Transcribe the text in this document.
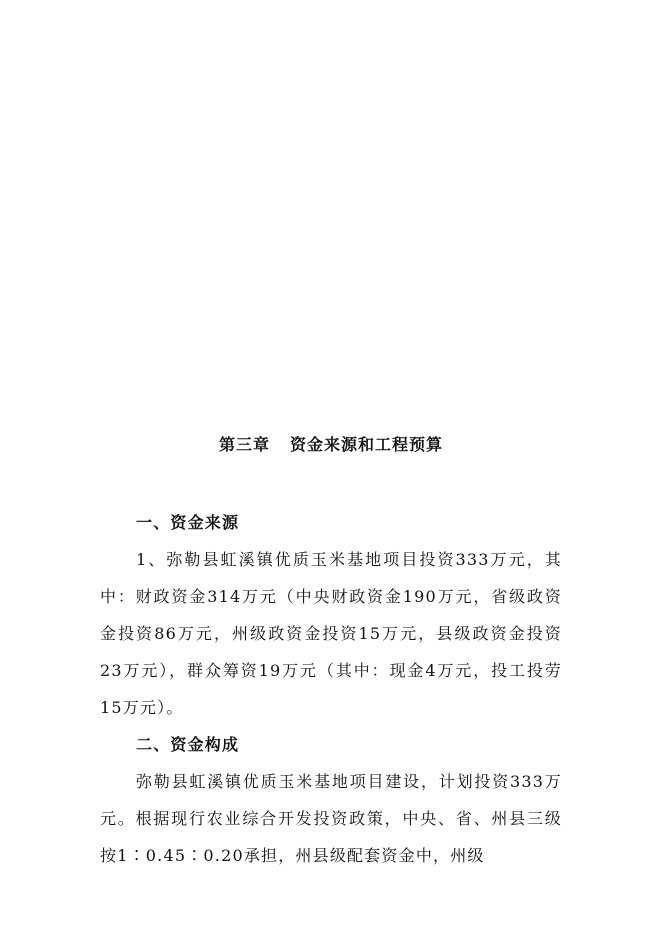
第三章 资金来源和工程预算

一、资金来源

1、弥勒县虹溪镇优质玉米基地项目投资333万元，其中：财政资金314万元（中央财政资金190万元，省级政资金投资86万元，州级政资金投资15万元，县级政资金投资23万元），群众筹资19万元（其中：现金4万元，投工投劳15万元）。

二、资金构成

弥勒县虹溪镇优质玉米基地项目建设，计划投资333万元。根据现行农业综合开发投资政策，中央、省、州县三级按1∶0.45∶0.20承担，州县级配套资金中，州级
